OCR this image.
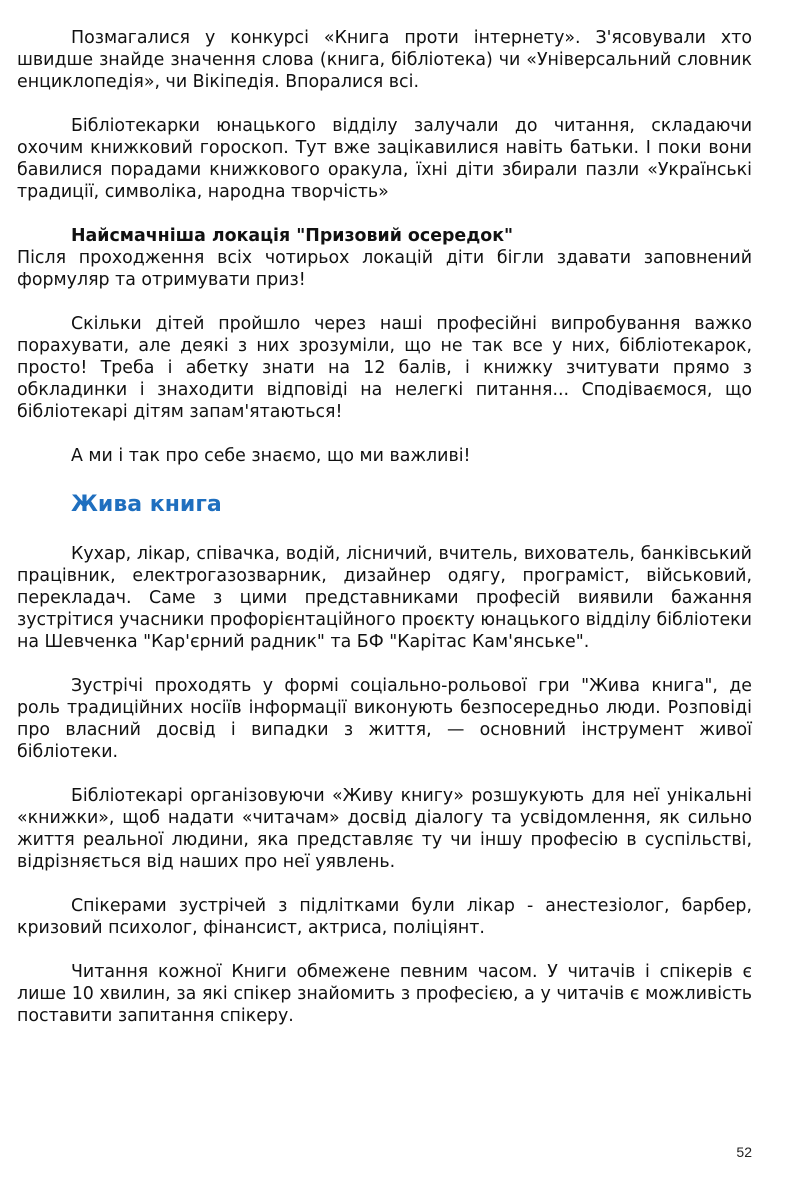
Позмагалися у конкурсі «Книга проти інтернету». З'ясовували хто швидше знайде значення слова (книга, бібліотека) чи «Універсальний словник енциклопедія», чи Вікіпедія. Впоралися всі.

Бібліотекарки юнацького відділу залучали до читання, складаючи охочим книжковий гороскоп. Тут вже зацікавилися навіть батьки. І поки вони бавилися порадами книжкового оракула, їхні діти збирали пазли «Українські традиції, символіка, народна творчість»

Найсмачніша локація "Призовий осередок"

Після проходження всіх чотирьох локацій діти бігли здавати заповнений формуляр та отримувати приз!

Скільки дітей пройшло через наші професійні випробування важко порахувати, але деякі з них зрозуміли, що не так все у них, бібліотекарок, просто! Треба і абетку знати на 12 балів, і книжку зчитувати прямо з обкладинки і знаходити відповіді на нелегкі питання... Сподіваємося, що бібліотекарі дітям запам'ятаються!

А ми і так про себе знаємо, що ми важливі!

Жива книга

Кухар, лікар, співачка, водій, лісничий, вчитель, вихователь, банківський працівник, електрогазозварник, дизайнер одягу, програміст, військовий, перекладач. Саме з цими представниками професій виявили бажання зустрітися учасники профорієнтаційного проєкту юнацького відділу бібліотеки на Шевченка "Кар'єрний радник" та БФ "Карітас Кам'янське".

Зустрічі проходять у формі соціально-рольової гри "Жива книга", де роль традиційних носіїв інформації виконують безпосередньо люди. Розповіді про власний досвід і випадки з життя, — основний інструмент живої бібліотеки.

Бібліотекарі організовуючи «Живу книгу» розшукують для неї унікальні «книжки», щоб надати «читачам» досвід діалогу та усвідомлення, як сильно життя реальної людини, яка представляє ту чи іншу професію в суспільстві, відрізняється від наших про неї уявлень.

Спікерами зустрічей з підлітками були лікар - анестезіолог, барбер, кризовий психолог, фінансист, актриса, поліціянт.

Читання кожної Книги обмежене певним часом. У читачів і спікерів є лише 10 хвилин, за які спікер знайомить з професією, а у читачів є можливість поставити запитання спікеру.

52
